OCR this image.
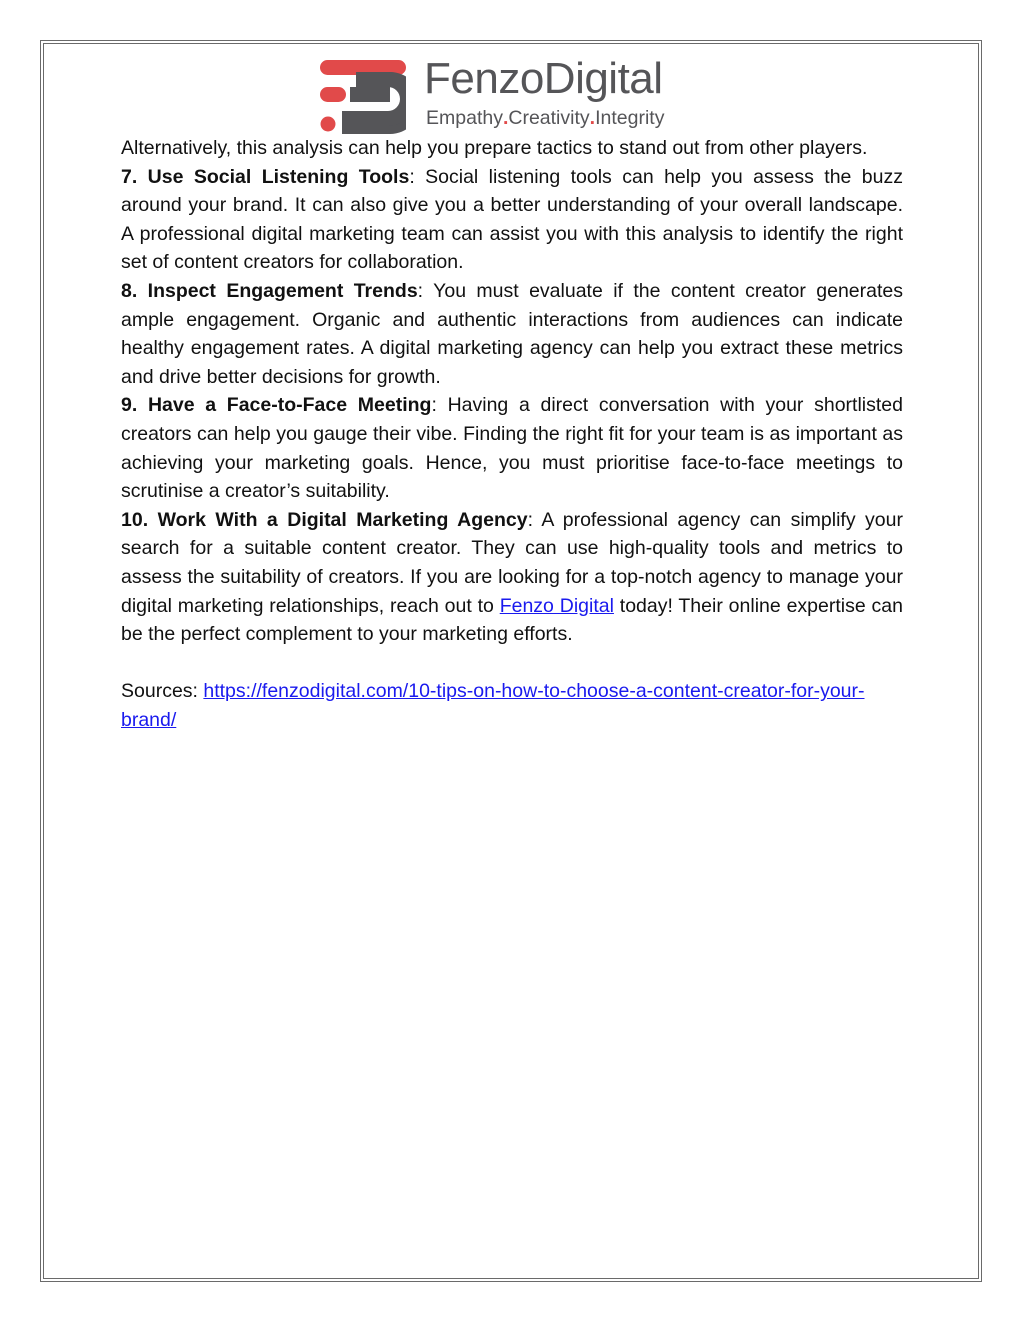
FenzoDigital
Empathy.Creativity.Integrity

Alternatively, this analysis can help you prepare tactics to stand out from other players.

7. Use Social Listening Tools: Social listening tools can help you assess the buzz around your brand. It can also give you a better understanding of your overall landscape. A professional digital marketing team can assist you with this analysis to identify the right set of content creators for collaboration.

8. Inspect Engagement Trends: You must evaluate if the content creator generates ample engagement. Organic and authentic interactions from audiences can indicate healthy engagement rates. A digital marketing agency can help you extract these metrics and drive better decisions for growth.

9. Have a Face-to-Face Meeting: Having a direct conversation with your shortlisted creators can help you gauge their vibe. Finding the right fit for your team is as important as achieving your marketing goals. Hence, you must prioritise face-to-face meetings to scrutinise a creator’s suitability.

10. Work With a Digital Marketing Agency: A professional agency can simplify your search for a suitable content creator. They can use high-quality tools and metrics to assess the suitability of creators. If you are looking for a top-notch agency to manage your digital marketing relationships, reach out to Fenzo Digital today! Their online expertise can be the perfect complement to your marketing efforts.

Sources: https://fenzodigital.com/10-tips-on-how-to-choose-a-content-creator-for-your-brand/
